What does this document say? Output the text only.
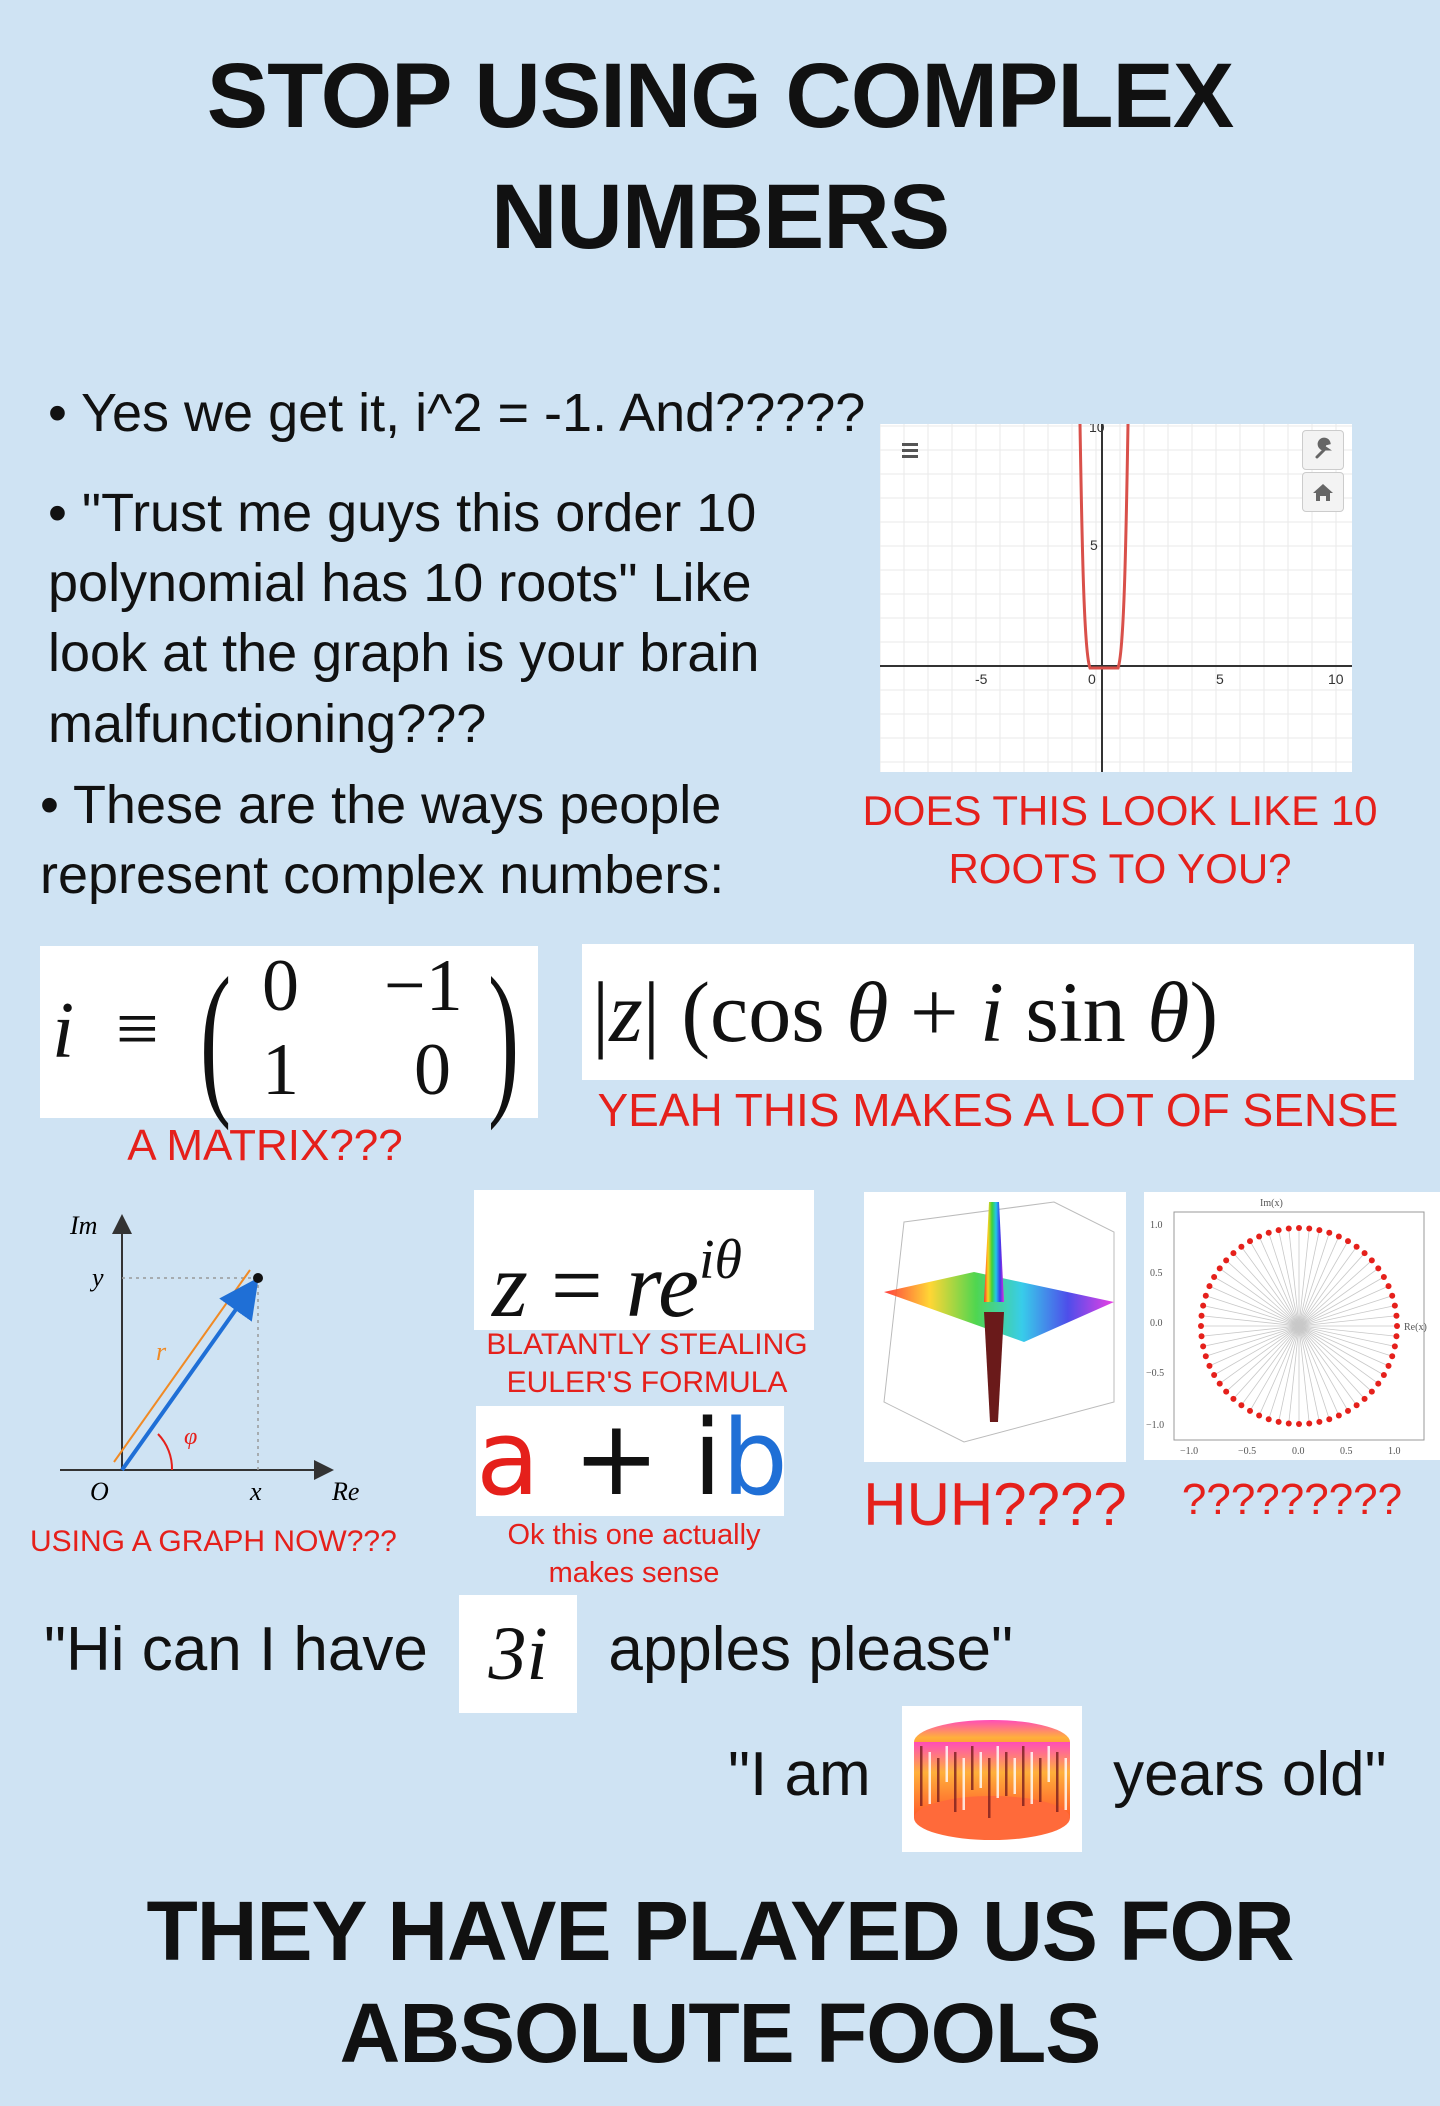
STOP USING COMPLEX
NUMBERS
• Yes we get it, i^2 = -1. And?????
• "Trust me guys this order 10 polynomial has 10 roots" Like look at the graph is your brain malfunctioning???
• These are the ways people represent complex numbers:
10
5
-5	0	5	10
DOES THIS LOOK LIKE 10
ROOTS TO YOU?
i ≡ ( 0 −1
1 0 )
A MATRIX???
|z| (cos θ + i sin θ)
YEAH THIS MAKES A LOT OF SENSE
Im
Re
y
x
O
r
φ
USING A GRAPH NOW???
$z = re^{i\theta}$
BLATANTLY STEALING
EULER'S FORMULA
a + ib
Ok this one actually
makes sense
HUH????
Im(x)
Re(x)
1.0
0.5
0.0
−0.5
−1.0
−1.0	−0.5	0.0	0.5	1.0
?????????
"Hi can I have 3i apples please"
"I am	years old"
THEY HAVE PLAYED US FOR
ABSOLUTE FOOLS
